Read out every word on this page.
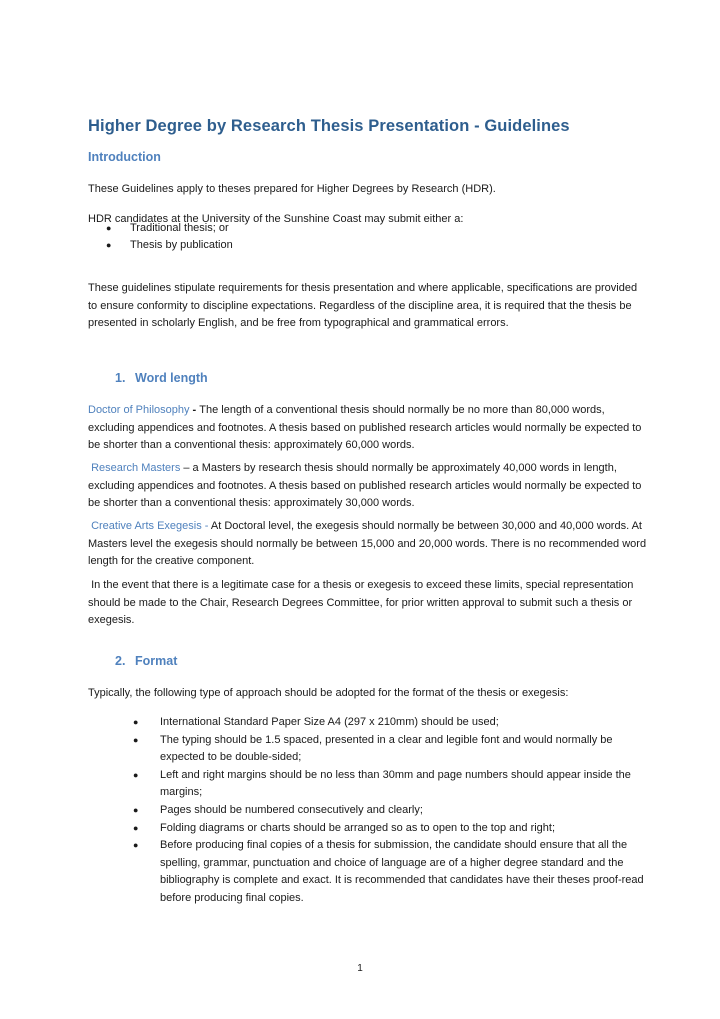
Higher Degree by Research Thesis Presentation - Guidelines
Introduction

These Guidelines apply to theses prepared for Higher Degrees by Research (HDR).

HDR candidates at the University of the Sunshine Coast may submit either a:

● Traditional thesis; or
● Thesis by publication

These guidelines stipulate requirements for thesis presentation and where applicable, specifications are provided to ensure conformity to discipline expectations. Regardless of the discipline area, it is required that the thesis be presented in scholarly English, and be free from typographical and grammatical errors.

1. Word length

Doctor of Philosophy - The length of a conventional thesis should normally be no more than 80,000 words, excluding appendices and footnotes. A thesis based on published research articles would normally be expected to be shorter than a conventional thesis: approximately 60,000 words.

Research Masters – a Masters by research thesis should normally be approximately 40,000 words in length, excluding appendices and footnotes. A thesis based on published research articles would normally be expected to be shorter than a conventional thesis: approximately 30,000 words.

Creative Arts Exegesis - At Doctoral level, the exegesis should normally be between 30,000 and 40,000 words. At Masters level the exegesis should normally be between 15,000 and 20,000 words. There is no recommended word length for the creative component.

In the event that there is a legitimate case for a thesis or exegesis to exceed these limits, special representation should be made to the Chair, Research Degrees Committee, for prior written approval to submit such a thesis or exegesis.

2. Format

Typically, the following type of approach should be adopted for the format of the thesis or exegesis:

● International Standard Paper Size A4 (297 x 210mm) should be used;
● The typing should be 1.5 spaced, presented in a clear and legible font and would normally be expected to be double-sided;
● Left and right margins should be no less than 30mm and page numbers should appear inside the margins;
● Pages should be numbered consecutively and clearly;
● Folding diagrams or charts should be arranged so as to open to the top and right;
● Before producing final copies of a thesis for submission, the candidate should ensure that all the spelling, grammar, punctuation and choice of language are of a higher degree standard and the bibliography is complete and exact. It is recommended that candidates have their theses proof-read before producing final copies.
1
